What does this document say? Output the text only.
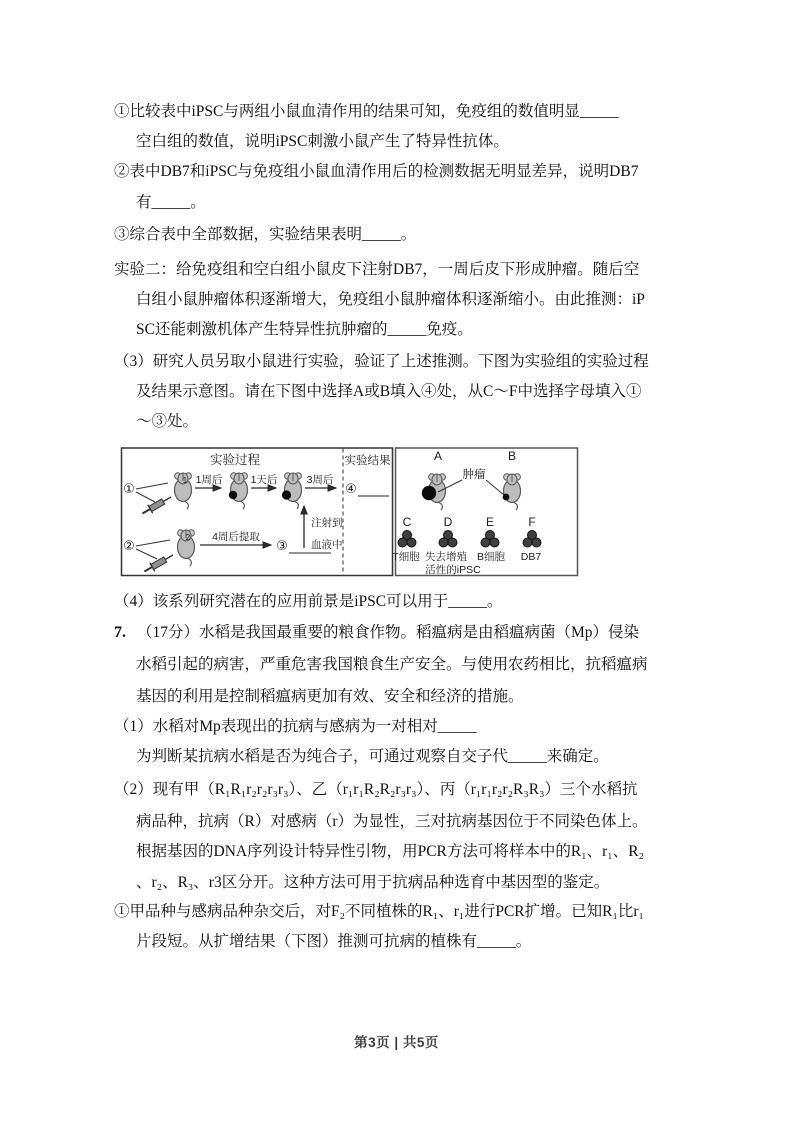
①比较表中iPSC与两组小鼠血清作用的结果可知，免疫组的数值明显_____
空白组的数值，说明iPSC刺激小鼠产生了特异性抗体。
②表中DB7和iPSC与免疫组小鼠血清作用后的检测数据无明显差异，说明DB7
有_____。
③综合表中全部数据，实验结果表明_____。
实验二：给免疫组和空白组小鼠皮下注射DB7，一周后皮下形成肿瘤。随后空
白组小鼠肿瘤体积逐渐增大，免疫组小鼠肿瘤体积逐渐缩小。由此推测：iP
SC还能刺激机体产生特异性抗肿瘤的_____免疫。
（3）研究人员另取小鼠进行实验，验证了上述推测。下图为实验组的实验过程
及结果示意图。请在下图中选择A或B填入④处，从C～F中选择字母填入①
～③处。
实验过程	实验结果
①
1 1周后	1天后	3周后
④
②
2 4周后提取
③
注射到
血液中
A	B
肿瘤
C	D	E	F
T细胞 失去增殖 B细胞 DB7
活性的iPSC
（4）该系列研究潜在的应用前景是iPSC可以用于_____。
7. （17分）水稻是我国最重要的粮食作物。稻瘟病是由稻瘟病菌（Mp）侵染
水稻引起的病害，严重危害我国粮食生产安全。与使用农药相比，抗稻瘟病
基因的利用是控制稻瘟病更加有效、安全和经济的措施。
（1）水稻对Mp表现出的抗病与感病为一对相对_____
为判断某抗病水稻是否为纯合子，可通过观察自交子代_____来确定。
（2）现有甲（R₁R₁r₂r₂r₃r₃）、乙（r₁r₁R₂R₂r₃r₃）、丙（r₁r₁r₂r₂R₃R₃）三个水稻抗
病品种，抗病（R）对感病（r）为显性，三对抗病基因位于不同染色体上。
根据基因的DNA序列设计特异性引物，用PCR方法可将样本中的R₁、r₁、R₂
、r₂、R₃、r3区分开。这种方法可用于抗病品种选育中基因型的鉴定。
①甲品种与感病品种杂交后，对F₂不同植株的R₁、r₁进行PCR扩增。已知R₁比r₁
片段短。从扩增结果（下图）推测可抗病的植株有_____。
第3页 | 共5页
